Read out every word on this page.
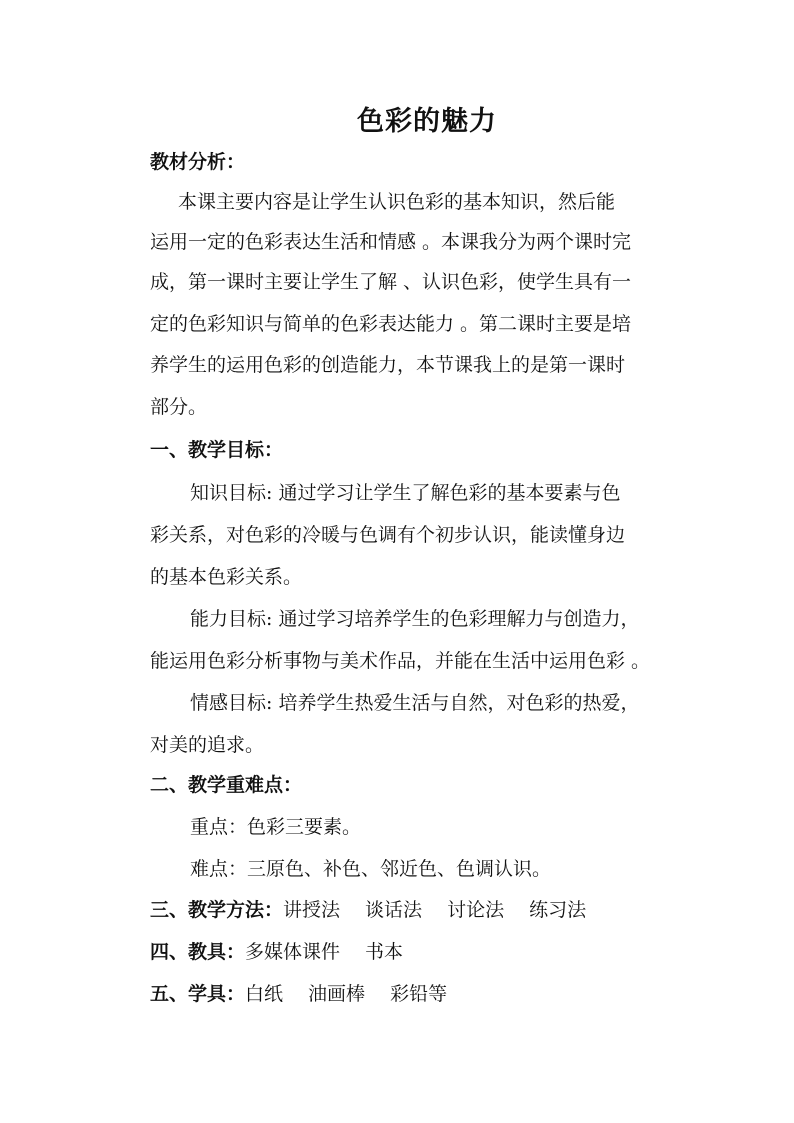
色彩的魅力
教材分析：
本课主要内容是让学生认识色彩的基本知识，然后能
运用一定的色彩表达生活和情感 。本课我分为两个课时完
成，第一课时主要让学生了解 、认识色彩，使学生具有一
定的色彩知识与简单的色彩表达能力 。第二课时主要是培
养学生的运用色彩的创造能力，本节课我上的是第一课时
部分。
一、教学目标：
知识目标: 通过学习让学生了解色彩的基本要素与色
彩关系，对色彩的冷暖与色调有个初步认识，能读懂身边
的基本色彩关系。
能力目标: 通过学习培养学生的色彩理解力与创造力，
能运用色彩分析事物与美术作品，并能在生活中运用色彩 。
情感目标: 培养学生热爱生活与自然，对色彩的热爱，
对美的追求。
二、教学重难点：
重点：色彩三要素。
难点：三原色、补色、邻近色、色调认识。
三、教学方法：讲授法　 谈话法　 讨论法　 练习法
四、教具：多媒体课件　 书本
五、学具：白纸　 油画棒　 彩铅等
